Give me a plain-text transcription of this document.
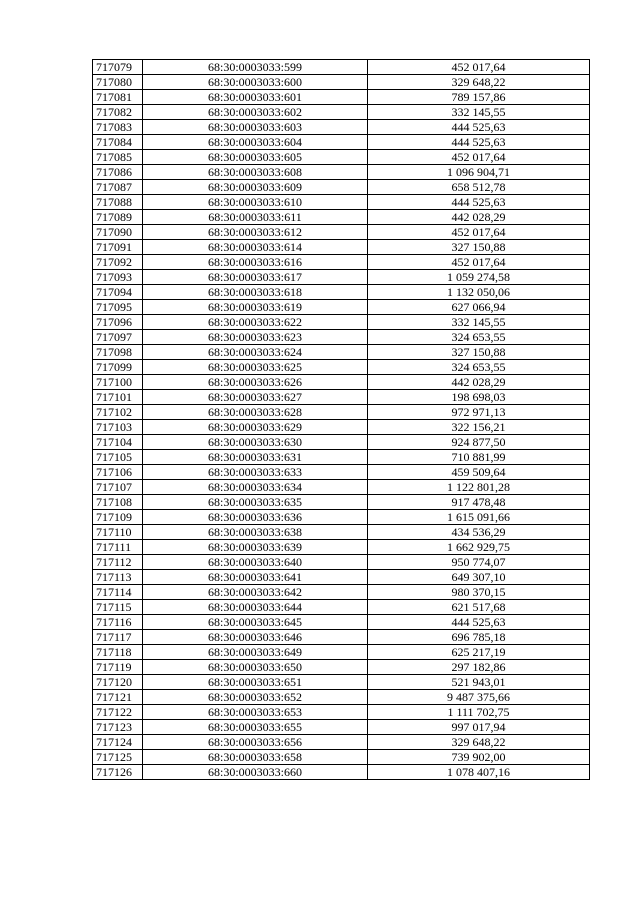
717079	68:30:0003033:599	452 017,64
717080	68:30:0003033:600	329 648,22
717081	68:30:0003033:601	789 157,86
717082	68:30:0003033:602	332 145,55
717083	68:30:0003033:603	444 525,63
717084	68:30:0003033:604	444 525,63
717085	68:30:0003033:605	452 017,64
717086	68:30:0003033:608	1 096 904,71
717087	68:30:0003033:609	658 512,78
717088	68:30:0003033:610	444 525,63
717089	68:30:0003033:611	442 028,29
717090	68:30:0003033:612	452 017,64
717091	68:30:0003033:614	327 150,88
717092	68:30:0003033:616	452 017,64
717093	68:30:0003033:617	1 059 274,58
717094	68:30:0003033:618	1 132 050,06
717095	68:30:0003033:619	627 066,94
717096	68:30:0003033:622	332 145,55
717097	68:30:0003033:623	324 653,55
717098	68:30:0003033:624	327 150,88
717099	68:30:0003033:625	324 653,55
717100	68:30:0003033:626	442 028,29
717101	68:30:0003033:627	198 698,03
717102	68:30:0003033:628	972 971,13
717103	68:30:0003033:629	322 156,21
717104	68:30:0003033:630	924 877,50
717105	68:30:0003033:631	710 881,99
717106	68:30:0003033:633	459 509,64
717107	68:30:0003033:634	1 122 801,28
717108	68:30:0003033:635	917 478,48
717109	68:30:0003033:636	1 615 091,66
717110	68:30:0003033:638	434 536,29
717111	68:30:0003033:639	1 662 929,75
717112	68:30:0003033:640	950 774,07
717113	68:30:0003033:641	649 307,10
717114	68:30:0003033:642	980 370,15
717115	68:30:0003033:644	621 517,68
717116	68:30:0003033:645	444 525,63
717117	68:30:0003033:646	696 785,18
717118	68:30:0003033:649	625 217,19
717119	68:30:0003033:650	297 182,86
717120	68:30:0003033:651	521 943,01
717121	68:30:0003033:652	9 487 375,66
717122	68:30:0003033:653	1 111 702,75
717123	68:30:0003033:655	997 017,94
717124	68:30:0003033:656	329 648,22
717125	68:30:0003033:658	739 902,00
717126	68:30:0003033:660	1 078 407,16
